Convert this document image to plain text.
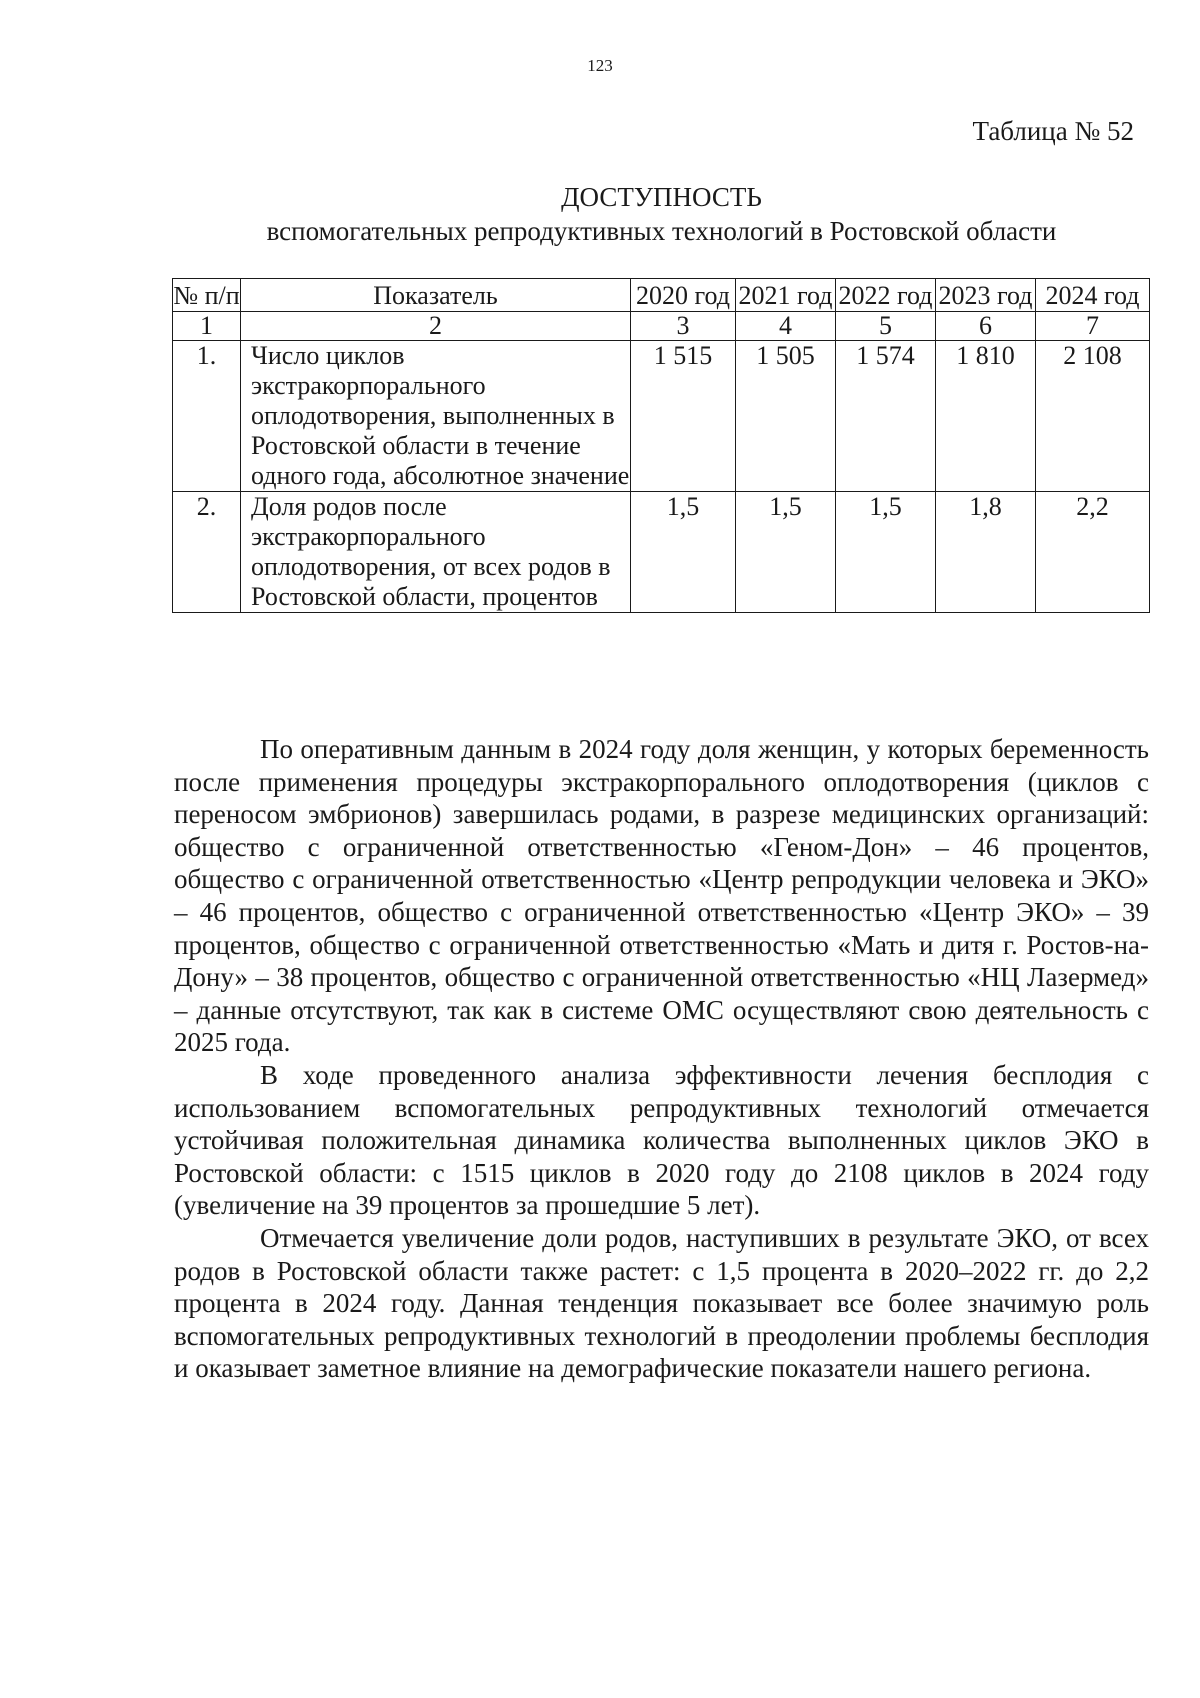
123
Таблица № 52
ДОСТУПНОСТЬ
вспомогательных репродуктивных технологий в Ростовской области
№ п/п	Показатель	2020 год	2021 год	2022 год	2023 год	2024 год
1	2	3	4	5	6	7
1.	Число циклов экстракорпорального оплодотворения, выполненных в Ростовской области в течение одного года, абсолютное значение	1 515	1 505	1 574	1 810	2 108
2.	Доля родов после экстракорпорального оплодотворения, от всех родов в Ростовской области, процентов	1,5	1,5	1,5	1,8	2,2

По оперативным данным в 2024 году доля женщин, у которых беременность после применения процедуры экстракорпорального оплодотворения (циклов с переносом эмбрионов) завершилась родами, в разрезе медицинских организаций: общество с ограниченной ответственностью «Геном-Дон» – 46 процентов, общество с ограниченной ответственностью «Центр репродукции человека и ЭКО» – 46 процентов, общество с ограниченной ответственностью «Центр ЭКО» – 39 процентов, общество с ограниченной ответственностью «Мать и дитя г. Ростов-на-Дону» – 38 процентов, общество с ограниченной ответственностью «НЦ Лазермед» – данные отсутствуют, так как в системе ОМС осуществляют свою деятельность с 2025 года.

В ходе проведенного анализа эффективности лечения бесплодия с использованием вспомогательных репродуктивных технологий отмечается устойчивая положительная динамика количества выполненных циклов ЭКО в Ростовской области: с 1515 циклов в 2020 году до 2108 циклов в 2024 году (увеличение на 39 процентов за прошедшие 5 лет).

Отмечается увеличение доли родов, наступивших в результате ЭКО, от всех родов в Ростовской области также растет: с 1,5 процента в 2020–2022 гг. до 2,2 процента в 2024 году. Данная тенденция показывает все более значимую роль вспомогательных репродуктивных технологий в преодолении проблемы бесплодия и оказывает заметное влияние на демографические показатели нашего региона.
